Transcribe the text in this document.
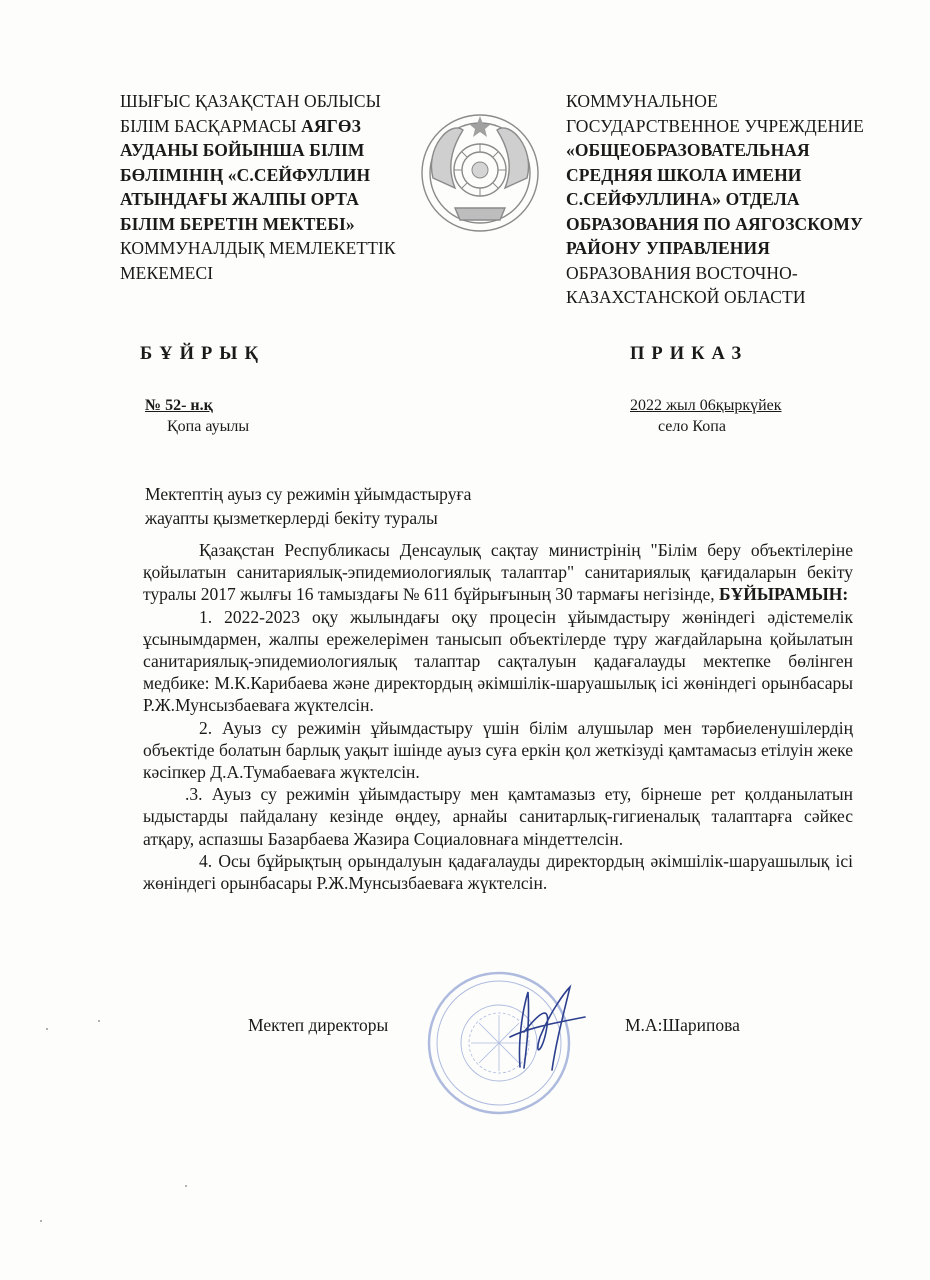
ШЫҒЫС ҚАЗАҚСТАН ОБЛЫСЫ
БІЛІМ БАСҚАРМАСЫ АЯГӨЗ
АУДАНЫ БОЙЫНША БІЛІМ
БӨЛІМІНІҢ «С.СЕЙФУЛЛИН
АТЫНДАҒЫ ЖАЛПЫ ОРТА
БІЛІМ БЕРЕТІН МЕКТЕБІ»
КОММУНАЛДЫҚ МЕМЛЕКЕТТІК
МЕКЕМЕСІ
КОММУНАЛЬНОЕ
ГОСУДАРСТВЕННОЕ УЧРЕЖДЕНИЕ
«ОБЩЕОБРАЗОВАТЕЛЬНАЯ
СРЕДНЯЯ ШКОЛА ИМЕНИ
С.СЕЙФУЛЛИНА» ОТДЕЛА
ОБРАЗОВАНИЯ ПО АЯГОЗСКОМУ
РАЙОНУ УПРАВЛЕНИЯ
ОБРАЗОВАНИЯ ВОСТОЧНО-
КАЗАХСТАНСКОЙ ОБЛАСТИ
БҰЙРЫҚ	ПРИКАЗ
№ 52- н.қ
Қопа ауылы
2022 жыл 06қыркүйек
село Копа
Мектептің ауыз су режимін ұйымдастыруға
жауапты қызметкерлерді бекіту туралы

Қазақстан Республикасы Денсаулық сақтау министрінің "Білім беру объектілеріне қойылатын санитариялық-эпидемиологиялық талаптар" санитариялық қағидаларын бекіту туралы 2017 жылғы 16 тамыздағы № 611 бұйрығының 30 тармағы негізінде, БҰЙЫРАМЫН:

1. 2022-2023 оқу жылындағы оқу процесін ұйымдастыру жөніндегі әдістемелік ұсынымдармен, жалпы ережелерімен танысып объектілерде тұру жағдайларына қойылатын санитариялық-эпидемиологиялық талаптар сақталуын қадағалауды мектепке бөлінген медбике: М.К.Карибаева және директордың әкімшілік-шаруашылық ісі жөніндегі орынбасары Р.Ж.Мунсызбаеваға жүктелсін.

2. Ауыз су режимін ұйымдастыру үшін білім алушылар мен тәрбиеленушілердің объектіде болатын барлық уақыт ішінде ауыз суға еркін қол жеткізуді қамтамасыз етілуін жеке кәсіпкер Д.А.Тумабаеваға жүктелсін.

.3. Ауыз су режимін ұйымдастыру мен қамтамазыз ету, бірнеше рет қолданылатын ыдыстарды пайдалану кезінде өңдеу, арнайы санитарлық-гигиеналық талаптарға сәйкес атқару, аспазшы Базарбаева Жазира Социаловнаға міндеттелсін.

4. Осы бұйрықтың орындалуын қадағалауды директордың әкімшілік-шаруашылық ісі жөніндегі орынбасары Р.Ж.Мунсызбаеваға жүктелсін.

Мектеп директоры	М.А:Шарипова
